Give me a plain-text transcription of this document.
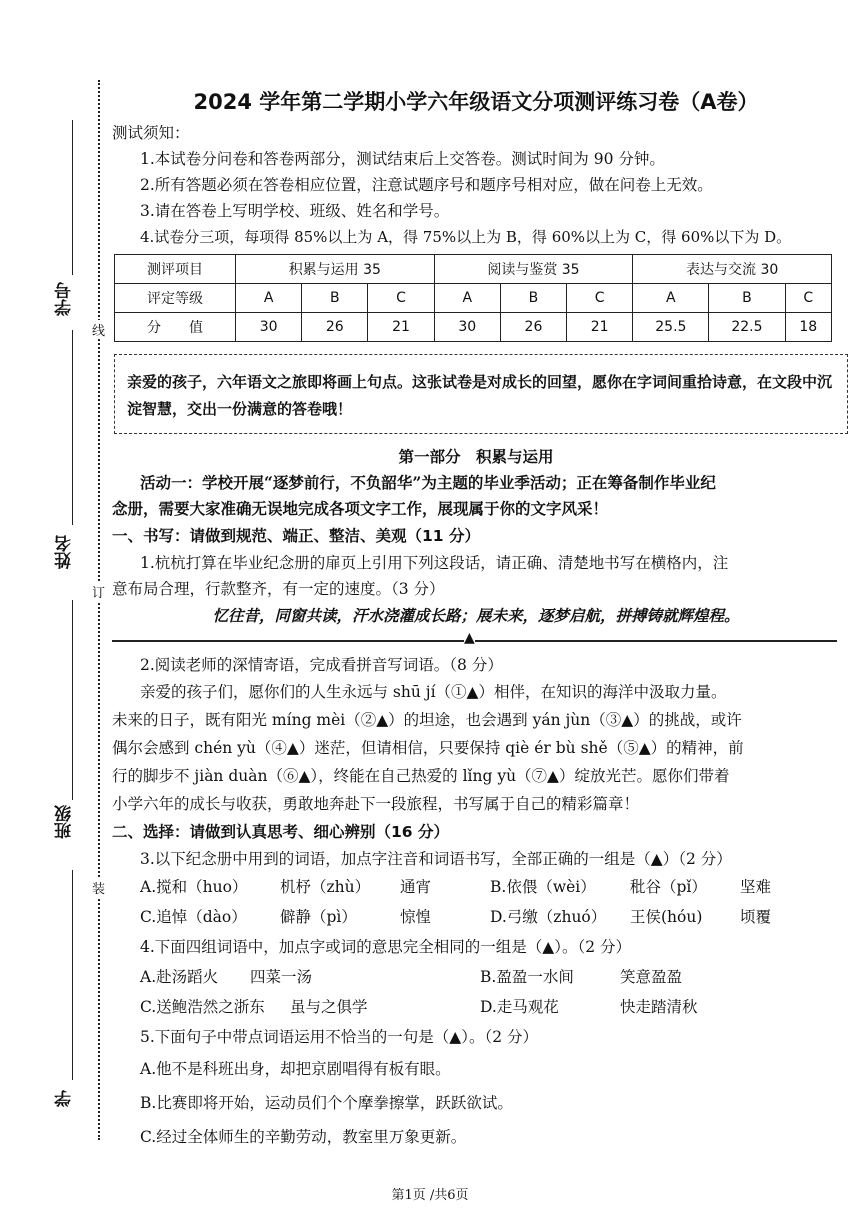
学号
姓名
班级
学
线
订
装
2024 学年第二学期小学六年级语文分项测评练习卷（A卷）
测试须知：
1.本试卷分问卷和答卷两部分，测试结束后上交答卷。测试时间为 90 分钟。
2.所有答题必须在答卷相应位置，注意试题序号和题序号相对应，做在问卷上无效。
3.请在答卷上写明学校、班级、姓名和学号。
4.试卷分三项，每项得 85%以上为 A，得 75%以上为 B，得 60%以上为 C，得 60%以下为 D。
测评项目	积累与运用 35			阅读与鉴赏 35			表达与交流 30		
评定等级	A	B	C	A	B	C	A	B	C
分　　值	30	26	21	30	26	21	25.5	22.5	18
亲爱的孩子，六年语文之旅即将画上句点。这张试卷是对成长的回望，愿你在字词间重拾诗意，在文段中沉淀智慧，交出一份满意的答卷哦！
第一部分　积累与运用
活动一：学校开展“逐梦前行，不负韶华”为主题的毕业季活动；正在筹备制作毕业纪
念册，需要大家准确无误地完成各项文字工作，展现属于你的文字风采！
一、书写：请做到规范、端正、整洁、美观（11 分）
1.杭杭打算在毕业纪念册的扉页上引用下列这段话，请正确、清楚地书写在横格内，注
意布局合理，行款整齐，有一定的速度。（3 分）
忆往昔，同窗共读，汗水浇灌成长路；展未来，逐梦启航，拼搏铸就辉煌程。
▲
2.阅读老师的深情寄语，完成看拼音写词语。（8 分）
亲爱的孩子们，愿你们的人生永远与 shū jí（①▲）相伴，在知识的海洋中汲取力量。
未来的日子，既有阳光 míng mèi（②▲）的坦途，也会遇到 yán jùn（③▲）的挑战，或许
偶尔会感到 chén yù（④▲）迷茫，但请相信，只要保持 qiè ér bù shě（⑤▲）的精神，前
行的脚步不 jiàn duàn（⑥▲），终能在自己热爱的 lǐng yù（⑦▲）绽放光芒。愿你们带着
小学六年的成长与收获，勇敢地奔赴下一段旅程，书写属于自己的精彩篇章！
二、选择：请做到认真思考、细心辨别（16 分）
3.以下纪念册中用到的词语，加点字注音和词语书写，全部正确的一组是（▲）（2 分）
A.搅和（huo）	机杼（zhù）	通宵	B.依偎（wèi）	秕谷（pǐ）	坚难
C.追悼（dào）	僻静（pì）	惊惶	D.弓缴（zhuó）	王侯(hóu)	顷覆
4.下面四组词语中，加点字或词的意思完全相同的一组是（▲）。（2 分）
A.赴汤蹈火	四菜一汤	B.盈盈一水间	笑意盈盈
C.送鲍浩然之浙东	虽与之俱学	D.走马观花	快走踏清秋
5.下面句子中带点词语运用不恰当的一句是（▲）。（2 分）
A.他不是科班出身，却把京剧唱得有板有眼。
B.比赛即将开始，运动员们个个摩拳擦掌，跃跃欲试。
C.经过全体师生的辛勤劳动，教室里万象更新。
第1页 /共6页
